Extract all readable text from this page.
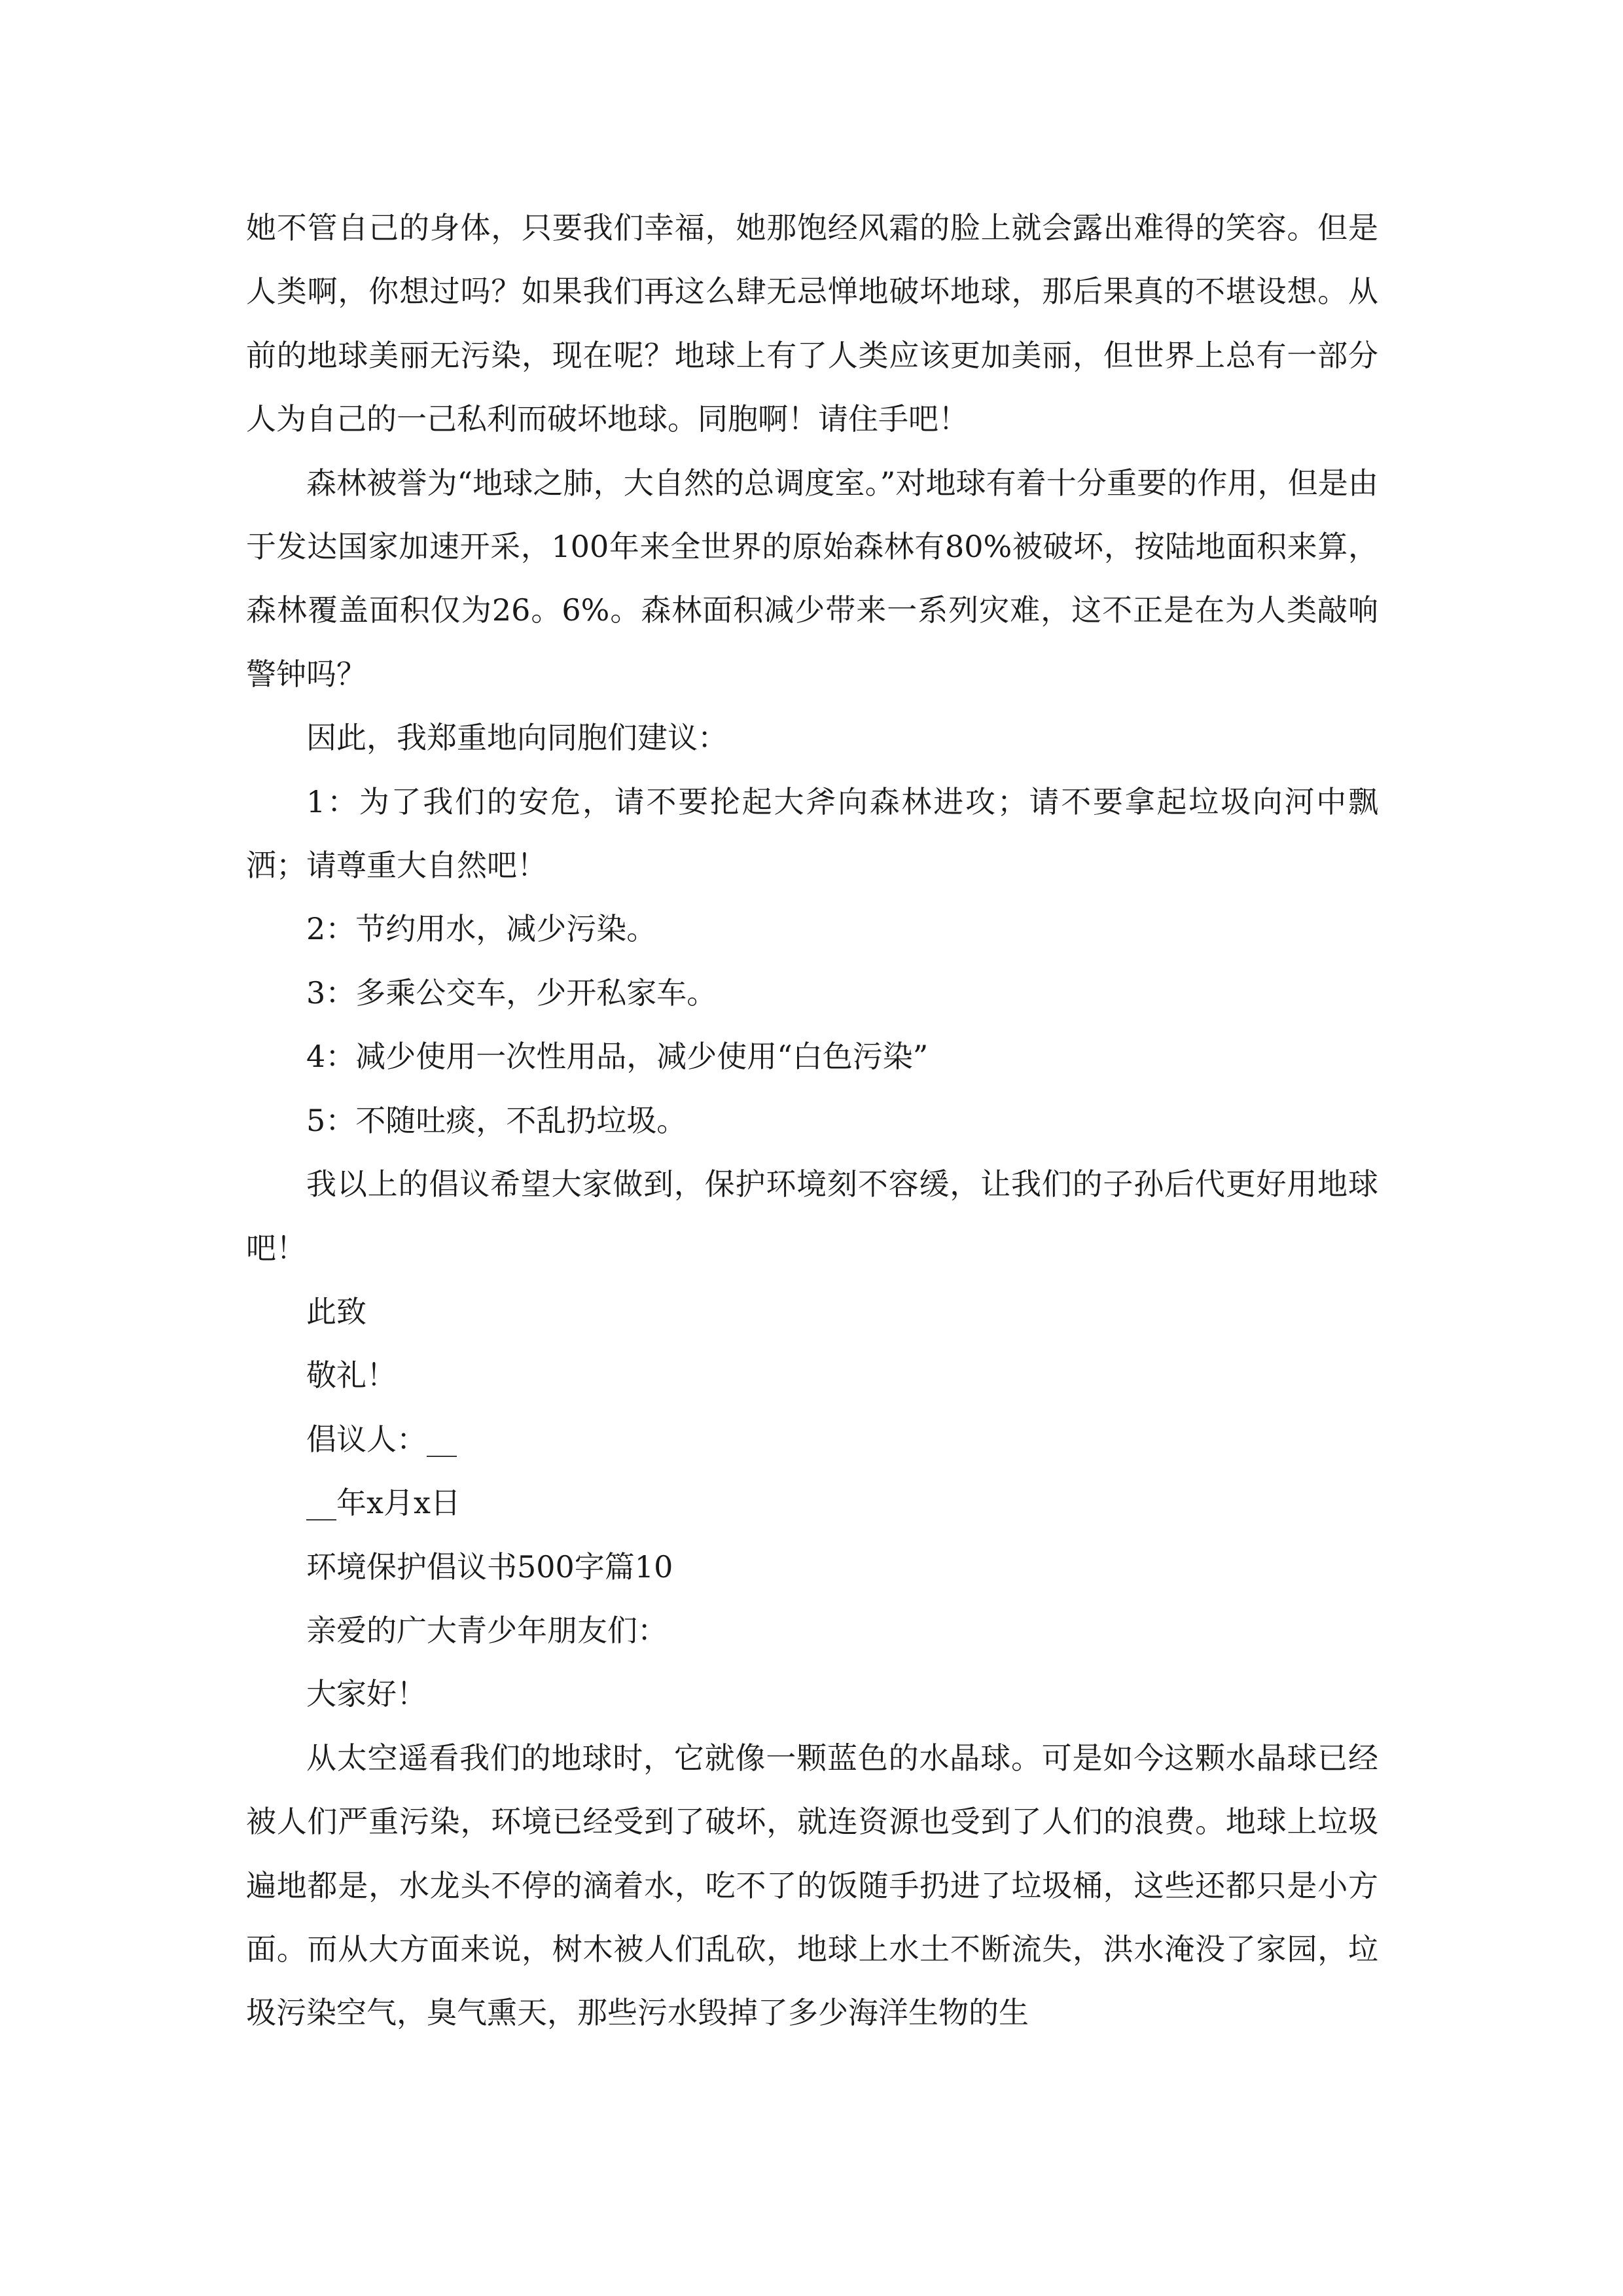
她不管自己的身体，只要我们幸福，她那饱经风霜的脸上就会露出难得的笑容。但是人类啊，你想过吗？如果我们再这么肆无忌惮地破坏地球，那后果真的不堪设想。从前的地球美丽无污染，现在呢？地球上有了人类应该更加美丽，但世界上总有一部分人为自己的一己私利而破坏地球。同胞啊！请住手吧！

森林被誉为“地球之肺，大自然的总调度室。”对地球有着十分重要的作用，但是由于发达国家加速开采，100年来全世界的原始森林有80%被破坏，按陆地面积来算，森林覆盖面积仅为26。6%。森林面积减少带来一系列灾难，这不正是在为人类敲响警钟吗？

因此，我郑重地向同胞们建议：

1：为了我们的安危，请不要抡起大斧向森林进攻；请不要拿起垃圾向河中飘洒；请尊重大自然吧！

2：节约用水，减少污染。

3：多乘公交车，少开私家车。

4：减少使用一次性用品，减少使用“白色污染”

5：不随吐痰，不乱扔垃圾。

我以上的倡议希望大家做到，保护环境刻不容缓，让我们的子孙后代更好用地球吧！

此致

敬礼！

倡议人：__

__年x月x日

环境保护倡议书500字篇10

亲爱的广大青少年朋友们：

大家好！

从太空遥看我们的地球时，它就像一颗蓝色的水晶球。可是如今这颗水晶球已经被人们严重污染，环境已经受到了破坏，就连资源也受到了人们的浪费。地球上垃圾遍地都是，水龙头不停的滴着水，吃不了的饭随手扔进了垃圾桶，这些还都只是小方面。而从大方面来说，树木被人们乱砍，地球上水土不断流失，洪水淹没了家园，垃圾污染空气，臭气熏天，那些污水毁掉了多少海洋生物的生
